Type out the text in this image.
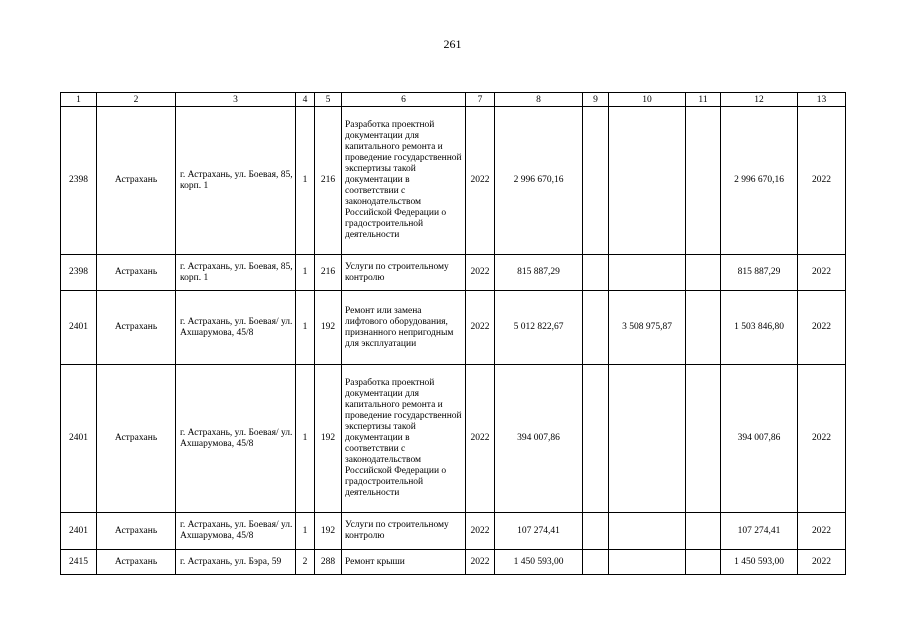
261
1	2	3	4	5	6	7	8	9	10	11	12	13
2398	Астрахань	г. Астрахань, ул. Боевая, 85, корп. 1	1	216	Разработка проектной документации для капитального ремонта и проведение государственной экспертизы такой документации в соответствии с законодательством Российской Федерации о градостроительной деятельности	2022	2 996 670,16				2 996 670,16	2022
2398	Астрахань	г. Астрахань, ул. Боевая, 85, корп. 1	1	216	Услуги по строительному контролю	2022	815 887,29				815 887,29	2022
2401	Астрахань	г. Астрахань, ул. Боевая/ ул. Ахшарумова, 45/8	1	192	Ремонт или замена лифтового оборудования, признанного непригодным для эксплуатации	2022	5 012 822,67		3 508 975,87		1 503 846,80	2022
2401	Астрахань	г. Астрахань, ул. Боевая/ ул. Ахшарумова, 45/8	1	192	Разработка проектной документации для капитального ремонта и проведение государственной экспертизы такой документации в соответствии с законодательством Российской Федерации о градостроительной деятельности	2022	394 007,86				394 007,86	2022
2401	Астрахань	г. Астрахань, ул. Боевая/ ул. Ахшарумова, 45/8	1	192	Услуги по строительному контролю	2022	107 274,41				107 274,41	2022
2415	Астрахань	г. Астрахань, ул. Бэра, 59	2	288	Ремонт крыши	2022	1 450 593,00				1 450 593,00	2022
